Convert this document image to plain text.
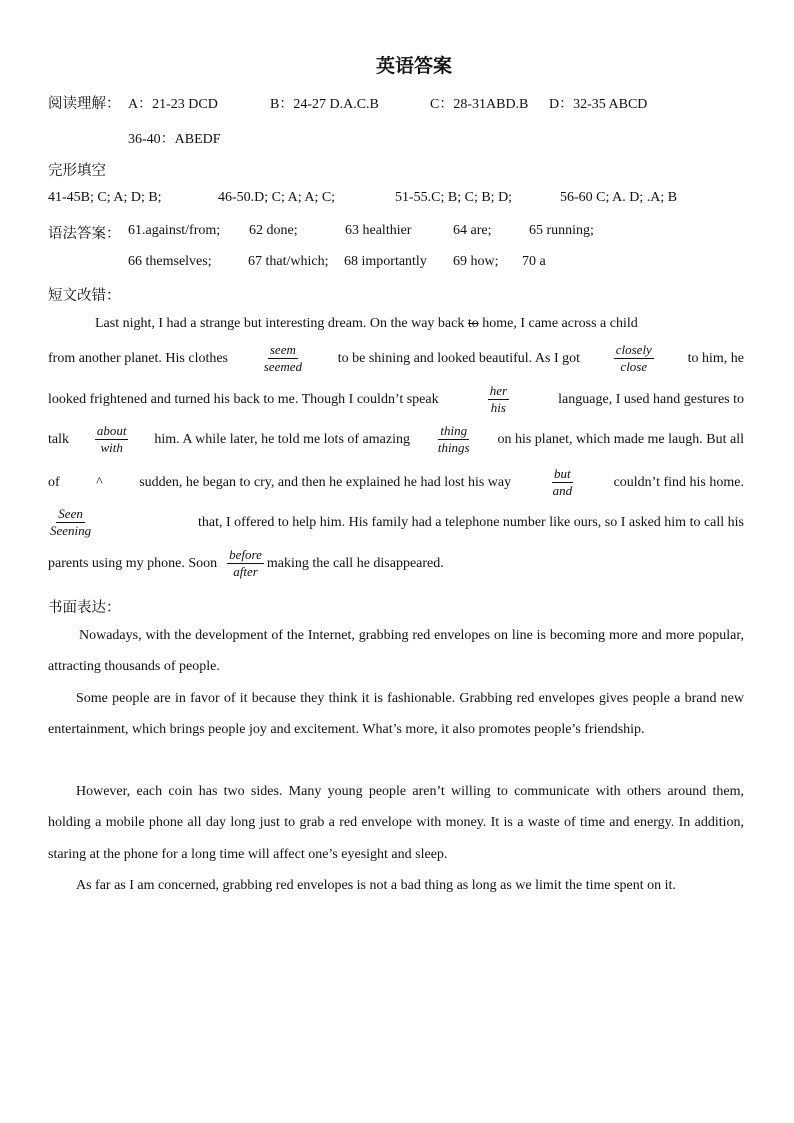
英语答案
阅读理解： A：21-23 DCD	B：24-27 D.A.C.B	C：28-31ABD.B D：32-35 ABCD
36-40：ABEDF
完形填空
41-45B; C; A; D; B;	46-50.D; C; A; A; C;	51-55.C; B; C; B; D;	56-60 C; A. D; .A; B
语法答案： 61.against/from; 62 done;	63 healthier	64 are;	65 running;
66 themselves;	67 that/which; 68 importantly 69 how; 70 a
短文改错：
Last night, I had a strange but interesting dream. On the way back to home, I came across a child
from another planet. His clothes	$\frac{\text{seem}}{\text{seemed}}$ to be shining and looked beautiful. As I got	$\frac{\text{closely}}{\text{close}}$ to him, he
looked frightened and turned his back to me. Though I couldn’t speak	$\frac{\text{her}}{\text{his}}$	language, I used hand gestures to
talk $\frac{\text{about}}{\text{with}}$ him. A while later, he told me lots of amazing $\frac{\text{thing}}{\text{things}}$ on his planet, which made me laugh. But all
of	^	sudden, he began to cry, and then he explained he had lost his way	$\frac{\text{but}}{\text{and}}$	couldn’t find his home.
$\frac{\text{Seen}}{\text{Seening}}$	that, I offered to help him. His family had a telephone number like ours, so I asked him to call his
parents using my phone. Soon $\frac{\text{before}}{\text{after}}$ making the call he disappeared.
书面表达：
Nowadays, with the development of the Internet, grabbing red envelopes on line is becoming more and more popular, attracting thousands of people.
Some people are in favor of it because they think it is fashionable. Grabbing red envelopes gives people a brand new entertainment, which brings people joy and excitement. What’s more, it also promotes people’s friendship.
However, each coin has two sides. Many young people aren’t willing to communicate with others around them, holding a mobile phone all day long just to grab a red envelope with money. It is a waste of time and energy. In addition, staring at the phone for a long time will affect one’s eyesight and sleep.
As far as I am concerned, grabbing red envelopes is not a bad thing as long as we limit the time spent on it.
